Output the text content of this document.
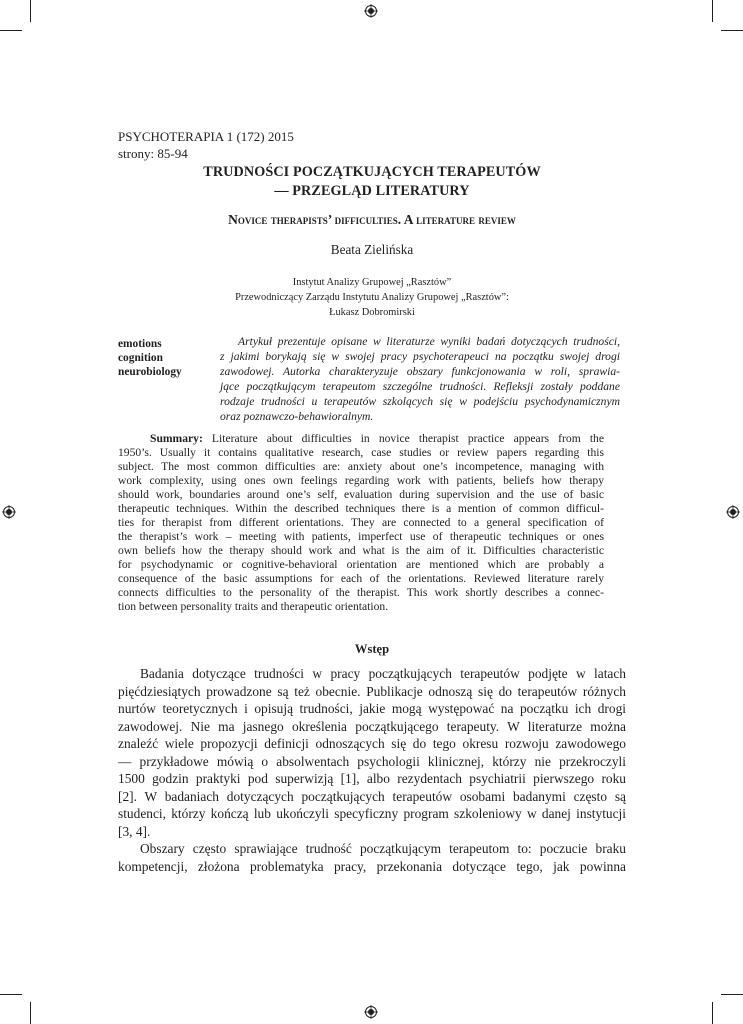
PSYCHOTERAPIA 1 (172) 2015
strony: 85-94
TRUDNOŚCI POCZĄTKUJĄCYCH TERAPEUTÓW
— PRZEGLĄD LITERATURY
Novice therapists’ difficulties. A literature review
Beata Zielińska
Instytut Analizy Grupowej „Rasztów”
Przewodniczący Zarządu Instytutu Analizy Grupowej „Rasztów”:
Łukasz Dobromirski
emotions
cognition
neurobiology
Artykuł prezentuje opisane w literaturze wyniki badań dotyczących trudności,
z jakimi borykają się w swojej pracy psychoterapeuci na początku swojej drogi
zawodowej. Autorka charakteryzuje obszary funkcjonowania w roli, sprawia-
jące początkującym terapeutom szczególne trudności. Refleksji zostały poddane
rodzaje trudności u terapeutów szkolących się w podejściu psychodynamicznym
oraz poznawczo-behawioralnym.
Summary: Literature about difficulties in novice therapist practice appears from the
1950’s. Usually it contains qualitative research, case studies or review papers regarding this
subject. The most common difficulties are: anxiety about one’s incompetence, managing with
work complexity, using ones own feelings regarding work with patients, beliefs how therapy
should work, boundaries around one’s self, evaluation during supervision and the use of basic
therapeutic techniques. Within the described techniques there is a mention of common difficul-
ties for therapist from different orientations. They are connected to a general specification of
the therapist’s work – meeting with patients, imperfect use of therapeutic techniques or ones
own beliefs how the therapy should work and what is the aim of it. Difficulties characteristic
for psychodynamic or cognitive-behavioral orientation are mentioned which are probably a
consequence of the basic assumptions for each of the orientations. Reviewed literature rarely
connects difficulties to the personality of the therapist. This work shortly describes a connec-
tion between personality traits and therapeutic orientation.
Wstęp
Badania dotyczące trudności w pracy początkujących terapeutów podjęte w latach
pięćdziesiątych prowadzone są też obecnie. Publikacje odnoszą się do terapeutów różnych
nurtów teoretycznych i opisują trudności, jakie mogą występować na początku ich drogi
zawodowej. Nie ma jasnego określenia początkującego terapeuty. W literaturze można
znaleźć wiele propozycji definicji odnoszących się do tego okresu rozwoju zawodowego
— przykładowe mówią o absolwentach psychologii klinicznej, którzy nie przekroczyli
1500 godzin praktyki pod superwizją [1], albo rezydentach psychiatrii pierwszego roku
[2]. W badaniach dotyczących początkujących terapeutów osobami badanymi często są
studenci, którzy kończą lub ukończyli specyficzny program szkoleniowy w danej instytucji
[3, 4].
Obszary często sprawiające trudność początkującym terapeutom to: poczucie braku
kompetencji, złożona problematyka pracy, przekonania dotyczące tego, jak powinna
